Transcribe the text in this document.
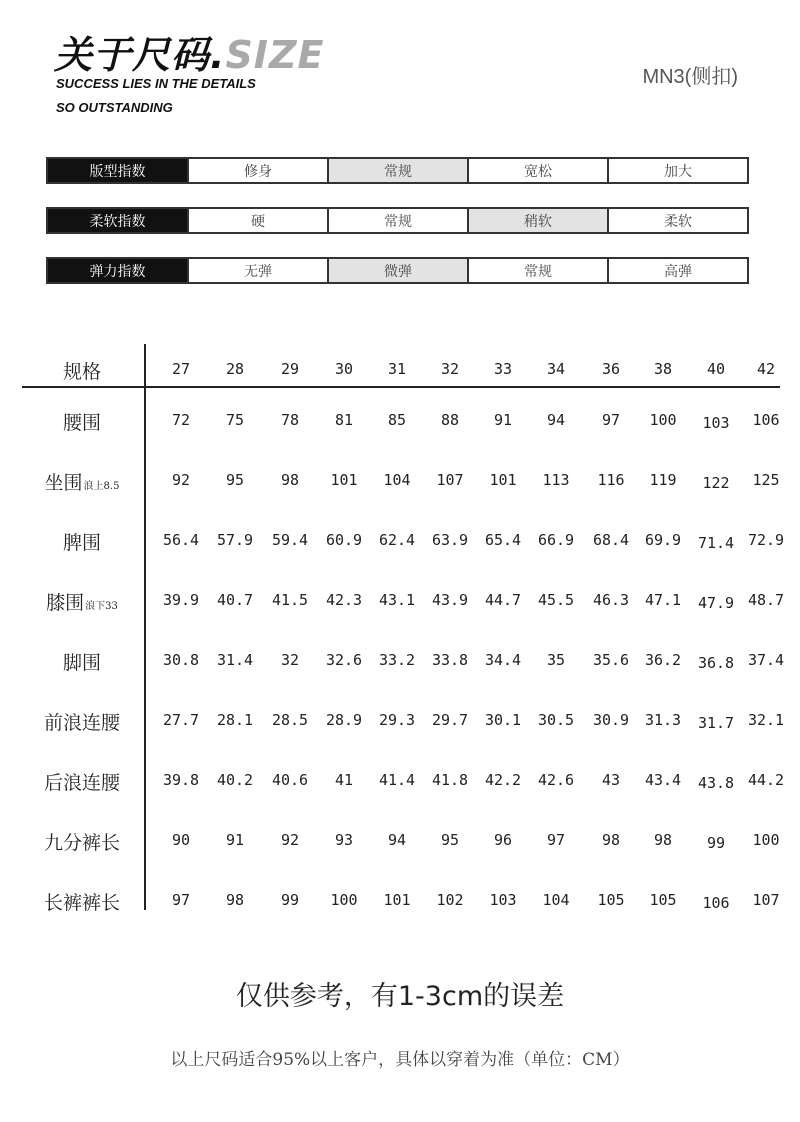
关于尺码.SIZE
SUCCESS LIES IN THE DETAILS
SO OUTSTANDING
MN3(侧扣)
版型指数	修身	常规	宽松	加大
柔软指数	硬	常规	稍软	柔软
弹力指数	无弹	微弹	常规	高弹
规格	27	28	29	30	31	32	33	34	36	38	40	42
腰围	72	75	78	81	85	88	91	94	97	100	103	106
坐围 浪上8.5	92	95	98	101	104	107	101	113	116	119	122	125
脾围	56.4	57.9	59.4	60.9	62.4	63.9	65.4	66.9	68.4	69.9	71.4 72.9
膝围 浪下33	39.9	40.7	41.5	42.3	43.1	43.9	44.7	45.5	46.3	47.1	47.9 48.7
脚围	30.8	31.4	32	32.6	33.2	33.8	34.4	35	35.6	36.2	36.8 37.4
前浪连腰	27.7	28.1	28.5	28.9	29.3	29.7	30.1	30.5	30.9	31.3	31.7 32.1
后浪连腰	39.8	40.2	40.6	41	41.4	41.8	42.2	42.6	43	43.4	43.8 44.2
九分裤长	90	91	92	93	94	95	96	97	98	98	99	100
长裤裤长	97	98	99	100	101	102	103	104	105	105	106	107
仅供参考，有1-3cm的误差
以上尺码适合95%以上客户，具体以穿着为准（单位：CM）
